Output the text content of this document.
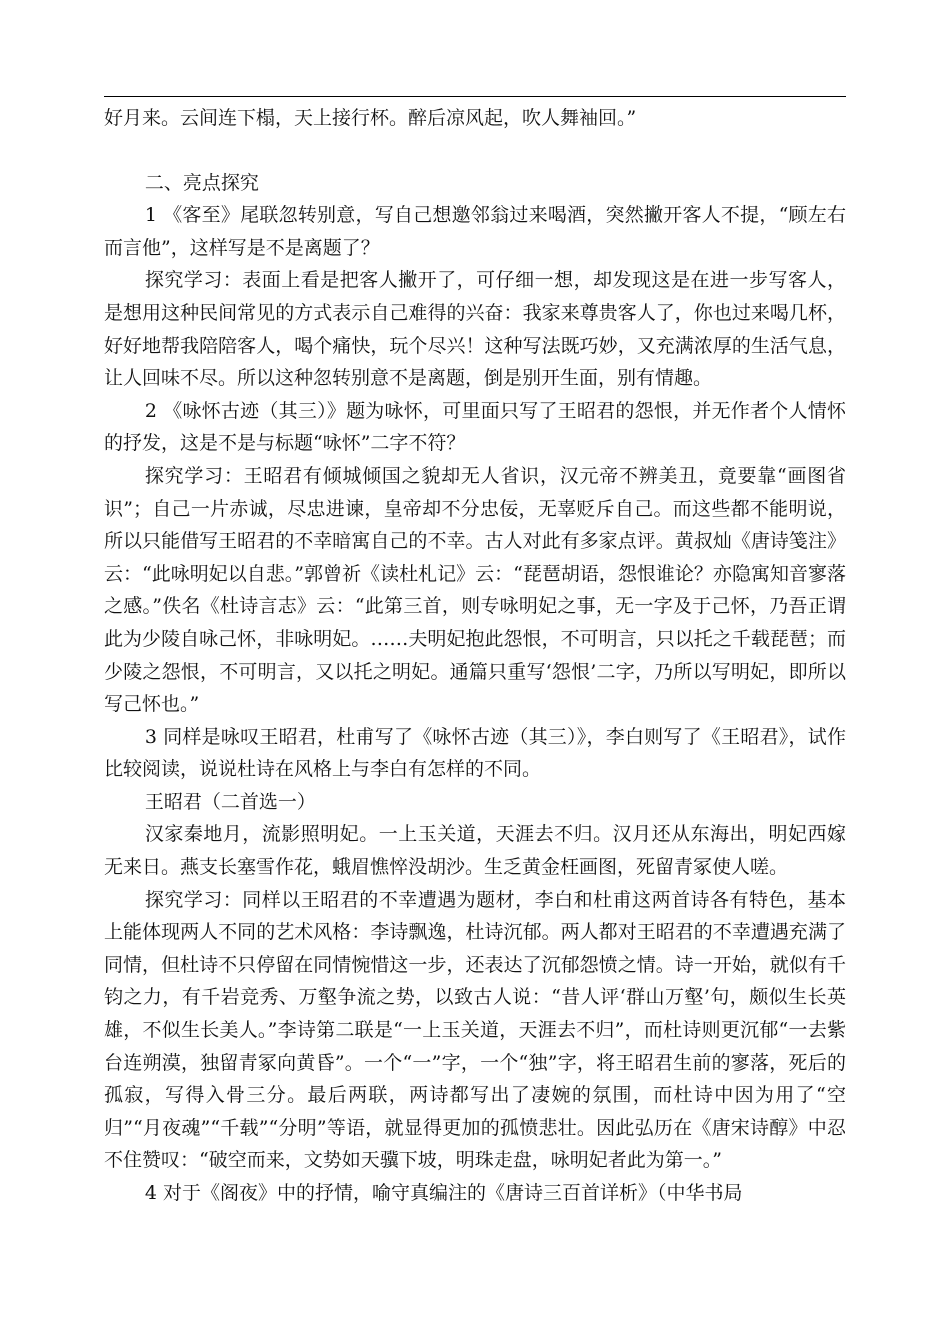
好月来。云间连下榻，天上接行杯。醉后凉风起，吹人舞袖回。”

二、亮点探究

1 《客至》尾联忽转别意，写自己想邀邻翁过来喝酒，突然撇开客人不提，“顾左右而言他”，这样写是不是离题了？

探究学习：表面上看是把客人撇开了，可仔细一想，却发现这是在进一步写客人，是想用这种民间常见的方式表示自己难得的兴奋：我家来尊贵客人了，你也过来喝几杯，好好地帮我陪陪客人，喝个痛快，玩个尽兴！这种写法既巧妙，又充满浓厚的生活气息，让人回味不尽。所以这种忽转别意不是离题，倒是别开生面，别有情趣。

2 《咏怀古迹（其三）》题为咏怀，可里面只写了王昭君的怨恨，并无作者个人情怀的抒发，这是不是与标题“咏怀”二字不符？

探究学习：王昭君有倾城倾国之貌却无人省识，汉元帝不辨美丑，竟要靠“画图省识”；自己一片赤诚，尽忠进谏，皇帝却不分忠佞，无辜贬斥自己。而这些都不能明说，所以只能借写王昭君的不幸暗寓自己的不幸。古人对此有多家点评。黄叔灿《唐诗笺注》云：“此咏明妃以自悲。”郭曾祈《读杜札记》云：“琵琶胡语，怨恨谁论？亦隐寓知音寥落之感。”佚名《杜诗言志》云：“此第三首，则专咏明妃之事，无一字及于己怀，乃吾正谓此为少陵自咏己怀，非咏明妃。……夫明妃抱此怨恨，不可明言，只以托之千载琵琶；而少陵之怨恨，不可明言，又以托之明妃。通篇只重写‘怨恨’二字，乃所以写明妃，即所以写己怀也。”

3 同样是咏叹王昭君，杜甫写了《咏怀古迹（其三）》，李白则写了《王昭君》，试作比较阅读，说说杜诗在风格上与李白有怎样的不同。

王昭君（二首选一）

汉家秦地月，流影照明妃。一上玉关道，天涯去不归。汉月还从东海出，明妃西嫁无来日。燕支长塞雪作花，蛾眉憔悴没胡沙。生乏黄金枉画图，死留青冢使人嗟。

探究学习：同样以王昭君的不幸遭遇为题材，李白和杜甫这两首诗各有特色，基本上能体现两人不同的艺术风格：李诗飘逸，杜诗沉郁。两人都对王昭君的不幸遭遇充满了同情，但杜诗不只停留在同情惋惜这一步，还表达了沉郁怨愤之情。诗一开始，就似有千钧之力，有千岩竞秀、万壑争流之势，以致古人说：“昔人评‘群山万壑’句，颇似生长英雄，不似生长美人。”李诗第二联是“一上玉关道，天涯去不归”，而杜诗则更沉郁“一去紫台连朔漠，独留青冢向黄昏”。一个“一”字，一个“独”字，将王昭君生前的寥落，死后的孤寂，写得入骨三分。最后两联，两诗都写出了凄婉的氛围，而杜诗中因为用了“空归”“月夜魂”“千载”“分明”等语，就显得更加的孤愤悲壮。因此弘历在《唐宋诗醇》中忍不住赞叹：“破空而来，文势如天骥下坡，明珠走盘，咏明妃者此为第一。”

4 对于《阁夜》中的抒情，喻守真编注的《唐诗三百首详析》（中华书局
